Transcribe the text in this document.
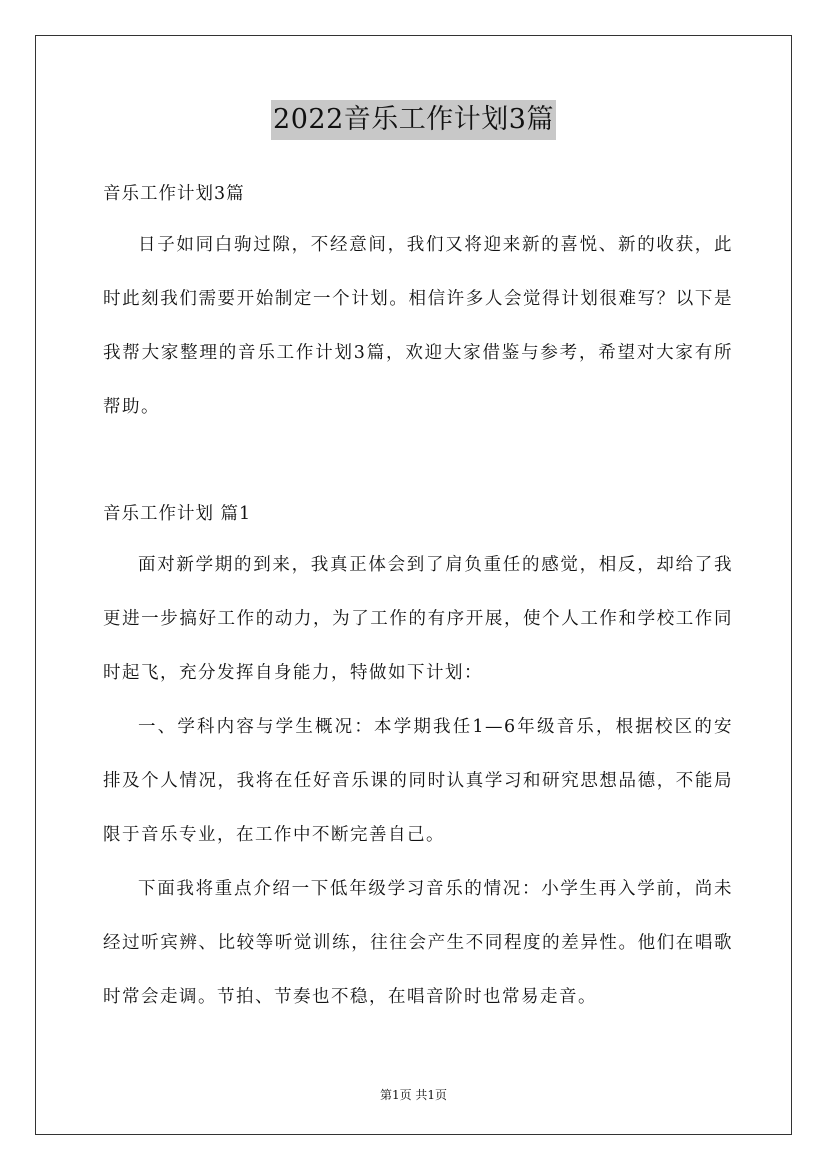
2022音乐工作计划3篇
音乐工作计划3篇

日子如同白驹过隙，不经意间，我们又将迎来新的喜悦、新的收获，此时此刻我们需要开始制定一个计划。相信许多人会觉得计划很难写？以下是我帮大家整理的音乐工作计划3篇，欢迎大家借鉴与参考，希望对大家有所帮助。

音乐工作计划 篇1

面对新学期的到来，我真正体会到了肩负重任的感觉，相反，却给了我更进一步搞好工作的动力，为了工作的有序开展，使个人工作和学校工作同时起飞，充分发挥自身能力，特做如下计划：

一、学科内容与学生概况：本学期我任1—6年级音乐，根据校区的安排及个人情况，我将在任好音乐课的同时认真学习和研究思想品德，不能局限于音乐专业，在工作中不断完善自己。

下面我将重点介绍一下低年级学习音乐的情况：小学生再入学前，尚未经过听宾辨、比较等听觉训练，往往会产生不同程度的差异性。他们在唱歌时常会走调。节拍、节奏也不稳，在唱音阶时也常易走音。

第1页 共1页
